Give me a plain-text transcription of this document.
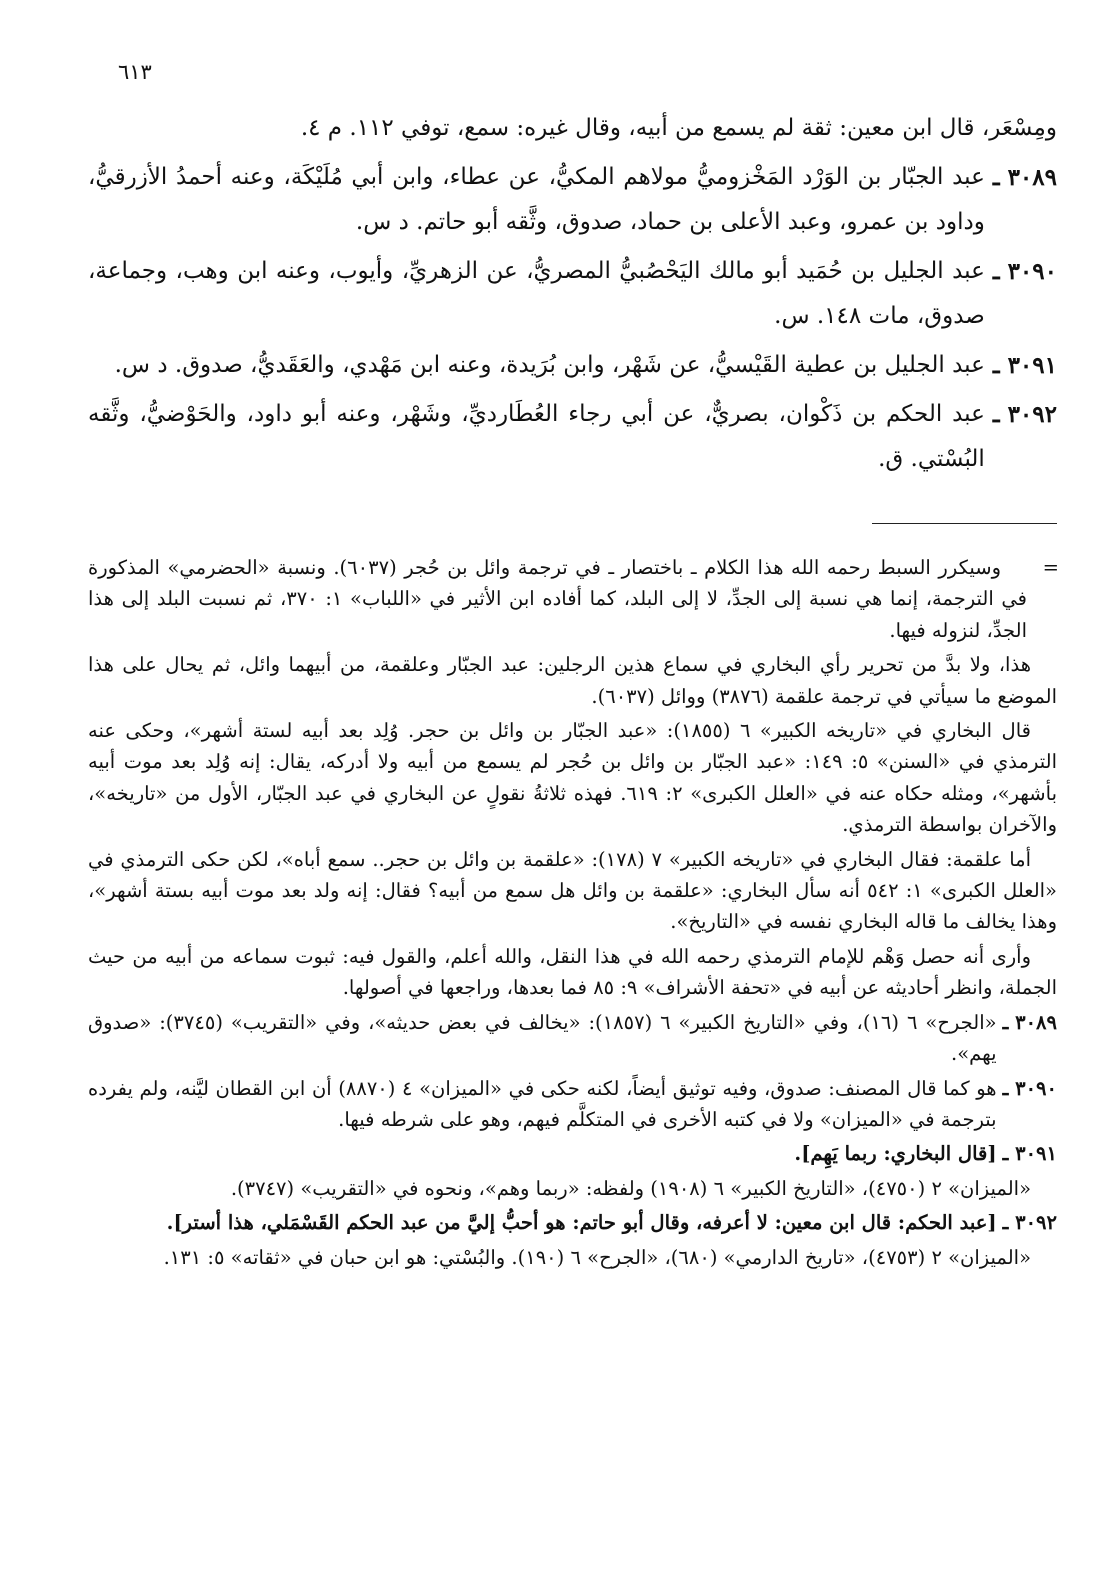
٦١٣

ومِسْعَر، قال ابن معين: ثقة لم يسمع من أبيه، وقال غيره: سمع، توفي ١١٢. م ٤.

٣٠٨٩ ـ
عبد الجبّار بن الوَرْد المَخْزوميُّ مولاهم المكيُّ، عن عطاء، وابن أبي مُلَيْكَة، وعنه أحمدُ الأزرقيُّ، وداود بن عمرو، وعبد الأعلى بن حماد، صدوق، وثَّقه أبو حاتم. د س.
٣٠٩٠ ـ
عبد الجليل بن حُمَيد أبو مالك اليَحْصُبيُّ المصريُّ، عن الزهريِّ، وأيوب، وعنه ابن وهب، وجماعة، صدوق، مات ١٤٨. س.
٣٠٩١ ـ
عبد الجليل بن عطية القَيْسيُّ، عن شَهْر، وابن بُرَيدة، وعنه ابن مَهْدي، والعَقَديُّ، صدوق. د س.
٣٠٩٢ ـ
عبد الحكم بن ذَكْوان، بصريٌّ، عن أبي رجاء العُطَارديِّ، وشَهْر، وعنه أبو داود، والحَوْضيُّ، وثَّقه البُسْتي. ق.

=
وسيكرر السبط رحمه الله هذا الكلام ـ باختصار ـ في ترجمة وائل بن حُجر (٦٠٣٧). ونسبة «الحضرمي» المذكورة في الترجمة، إنما هي نسبة إلى الجدِّ، لا إلى البلد، كما أفاده ابن الأثير في «اللباب» ١: ٣٧٠، ثم نسبت البلد إلى هذا الجدِّ، لنزوله فيها.

هذا، ولا بدَّ من تحرير رأي البخاري في سماع هذين الرجلين: عبد الجبّار وعلقمة، من أبيهما وائل، ثم يحال على هذا الموضع ما سيأتي في ترجمة علقمة (٣٨٧٦) ووائل (٦٠٣٧).

قال البخاري في «تاريخه الكبير» ٦ (١٨٥٥): «عبد الجبّار بن وائل بن حجر. وُلِد بعد أبيه لستة أشهر»، وحكى عنه الترمذي في «السنن» ٥: ١٤٩: «عبد الجبّار بن وائل بن حُجر لم يسمع من أبيه ولا أدركه، يقال: إنه وُلِد بعد موت أبيه بأشهر»، ومثله حكاه عنه في «العلل الكبرى» ٢: ٦١٩. فهذه ثلاثةُ نقولٍ عن البخاري في عبد الجبّار، الأول من «تاريخه»، والآخران بواسطة الترمذي.

أما علقمة: فقال البخاري في «تاريخه الكبير» ٧ (١٧٨): «علقمة بن وائل بن حجر.. سمع أباه»، لكن حكى الترمذي في «العلل الكبرى» ١: ٥٤٢ أنه سأل البخاري: «علقمة بن وائل هل سمع من أبيه؟ فقال: إنه ولد بعد موت أبيه بستة أشهر»، وهذا يخالف ما قاله البخاري نفسه في «التاريخ».

وأرى أنه حصل وَهْم للإمام الترمذي رحمه الله في هذا النقل، والله أعلم، والقول فيه: ثبوت سماعه من أبيه من حيث الجملة، وانظر أحاديثه عن أبيه في «تحفة الأشراف» ٩: ٨٥ فما بعدها، وراجعها في أصولها.

٣٠٨٩ ـ
«الجرح» ٦ (١٦)، وفي «التاريخ الكبير» ٦ (١٨٥٧): «يخالف في بعض حديثه»، وفي «التقريب» (٣٧٤٥): «صدوق يهم».
٣٠٩٠ ـ
هو كما قال المصنف: صدوق، وفيه توثيق أيضاً، لكنه حكى في «الميزان» ٤ (٨٨٧٠) أن ابن القطان ليَّنه، ولم يفرده بترجمة في «الميزان» ولا في كتبه الأخرى في المتكلَّم فيهم، وهو على شرطه فيها.
٣٠٩١ ـ
[قال البخاري: ربما يَهِم].

«الميزان» ٢ (٤٧٥٠)، «التاريخ الكبير» ٦ (١٩٠٨) ولفظه: «ربما وهم»، ونحوه في «التقريب» (٣٧٤٧).

٣٠٩٢ ـ
[عبد الحكم: قال ابن معين: لا أعرفه، وقال أبو حاتم: هو أحبُّ إليَّ من عبد الحكم القَسْمَلي، هذا أستر].

«الميزان» ٢ (٤٧٥٣)، «تاريخ الدارمي» (٦٨٠)، «الجرح» ٦ (١٩٠). والبُسْتي: هو ابن حبان في «ثقاته» ٥: ١٣١.
